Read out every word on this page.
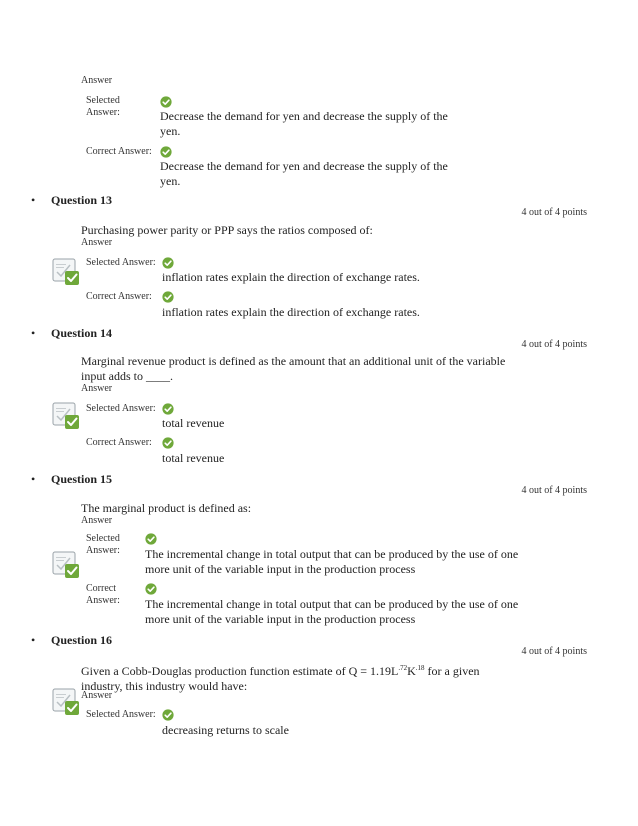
Answer
Selected
Answer:	Decrease the demand for yen and decrease the supply of the yen.
Correct Answer:
Decrease the demand for yen and decrease the supply of the yen.
• Question 13
4 out of 4 points
Purchasing power parity or PPP says the ratios composed of:
Answer
Selected Answer:
inflation rates explain the direction of exchange rates.
Correct Answer:
inflation rates explain the direction of exchange rates.
• Question 14
4 out of 4 points
Marginal revenue product is defined as the amount that an additional unit of the variable input adds to ____.
Answer
Selected Answer:
total revenue
Correct Answer:
total revenue
• Question 15
4 out of 4 points
The marginal product is defined as:
Answer
Selected
Answer: The incremental change in total output that can be produced by the use of one more unit of the variable input in the production process
Correct
Answer: The incremental change in total output that can be produced by the use of one more unit of the variable input in the production process
• Question 16
4 out of 4 points
Given a Cobb-Douglas production function estimate of $Q = 1.19L^{.72}K^{.18}$ for a given industry, this industry would have:
Answer
Selected Answer:
decreasing returns to scale
